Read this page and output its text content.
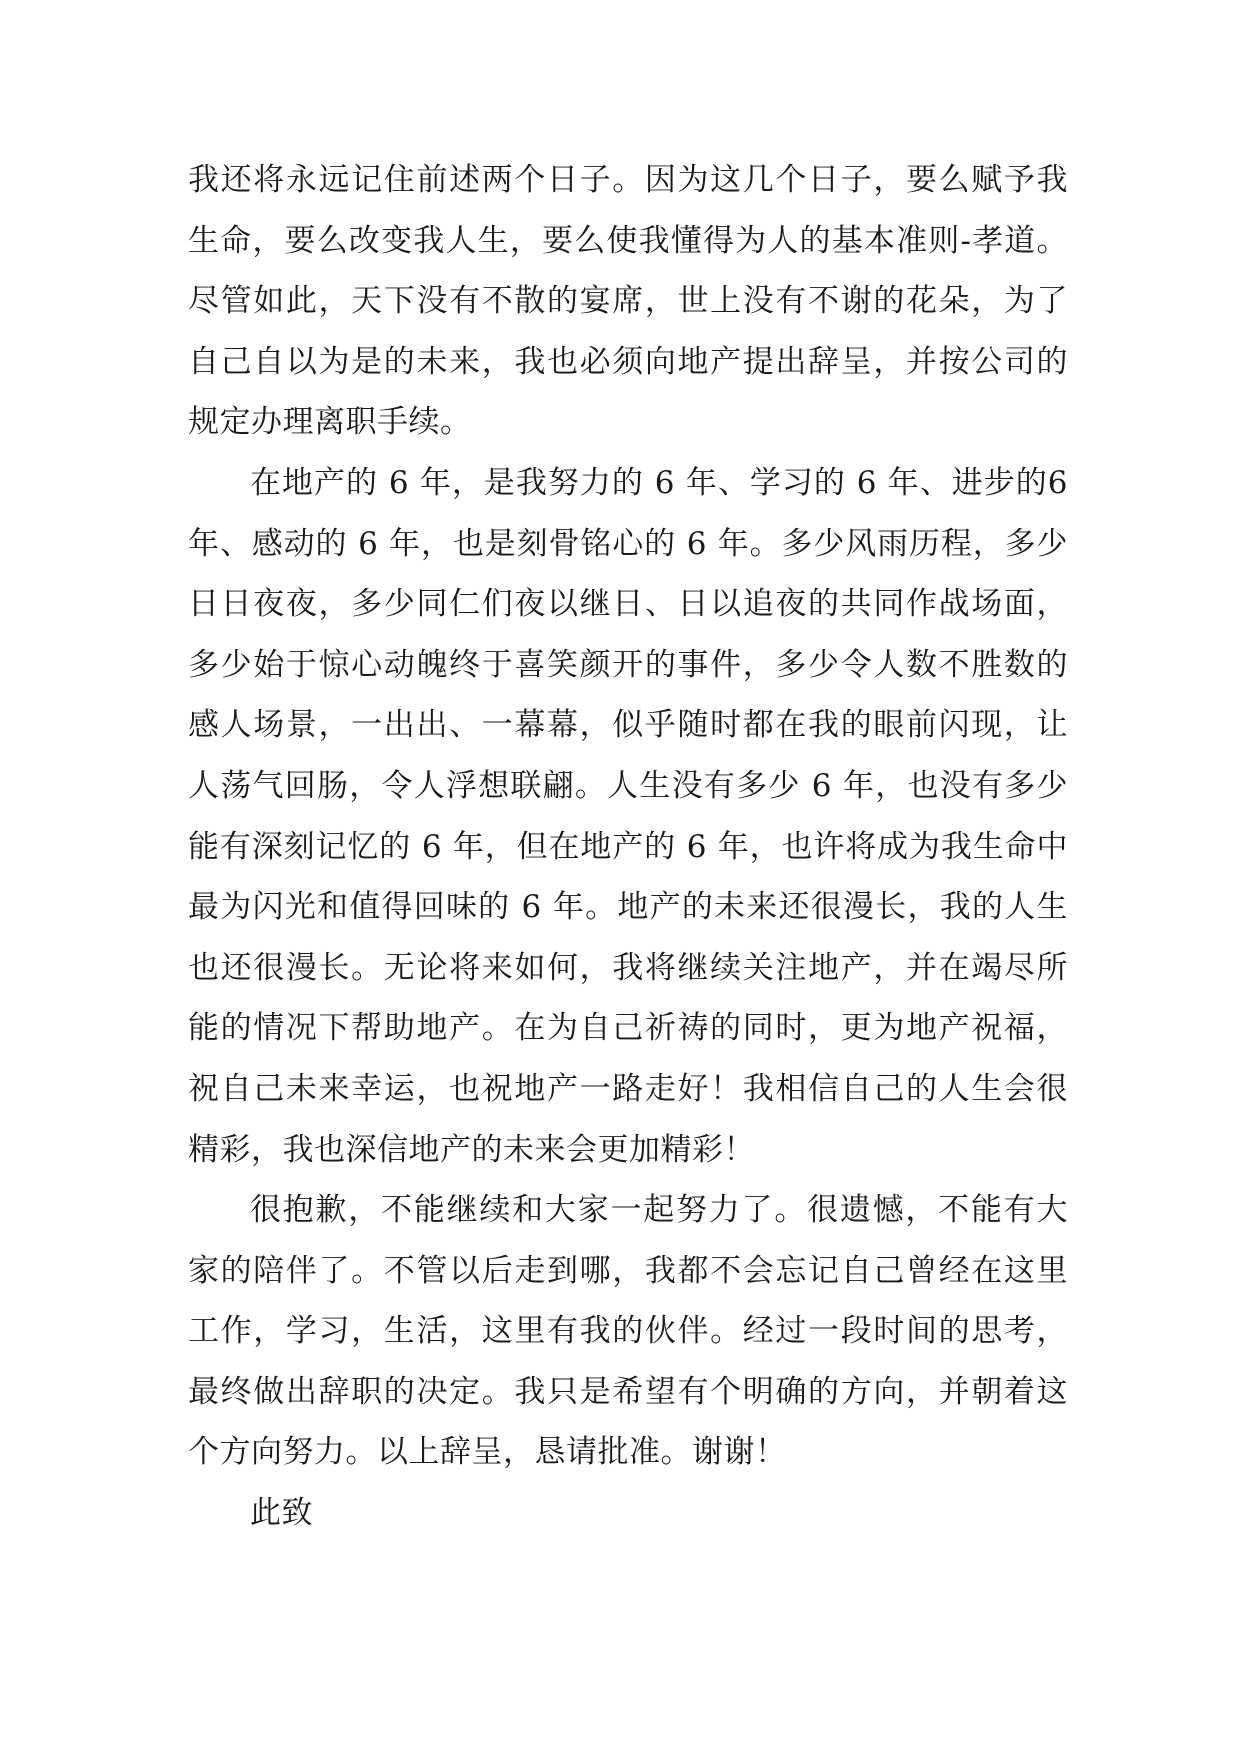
我还将永远记住前述两个日子。因为这几个日子，要么赋予我生命，要么改变我人生，要么使我懂得为人的基本准则-孝道。尽管如此，天下没有不散的宴席，世上没有不谢的花朵，为了自己自以为是的未来，我也必须向地产提出辞呈，并按公司的规定办理离职手续。

在地产的 6 年，是我努力的 6 年、学习的 6 年、进步的6 年、感动的 6 年，也是刻骨铭心的 6 年。多少风雨历程，多少日日夜夜，多少同仁们夜以继日、日以追夜的共同作战场面，多少始于惊心动魄终于喜笑颜开的事件，多少令人数不胜数的感人场景，一出出、一幕幕，似乎随时都在我的眼前闪现，让人荡气回肠，令人浮想联翩。人生没有多少 6 年，也没有多少能有深刻记忆的 6 年，但在地产的 6 年，也许将成为我生命中最为闪光和值得回味的 6 年。地产的未来还很漫长，我的人生也还很漫长。无论将来如何，我将继续关注地产，并在竭尽所能的情况下帮助地产。在为自己祈祷的同时，更为地产祝福，祝自己未来幸运，也祝地产一路走好！我相信自己的人生会很精彩，我也深信地产的未来会更加精彩！

很抱歉，不能继续和大家一起努力了。很遗憾，不能有大家的陪伴了。不管以后走到哪，我都不会忘记自己曾经在这里工作，学习，生活，这里有我的伙伴。经过一段时间的思考，最终做出辞职的决定。我只是希望有个明确的方向，并朝着这个方向努力。以上辞呈，恳请批准。谢谢！

此致
